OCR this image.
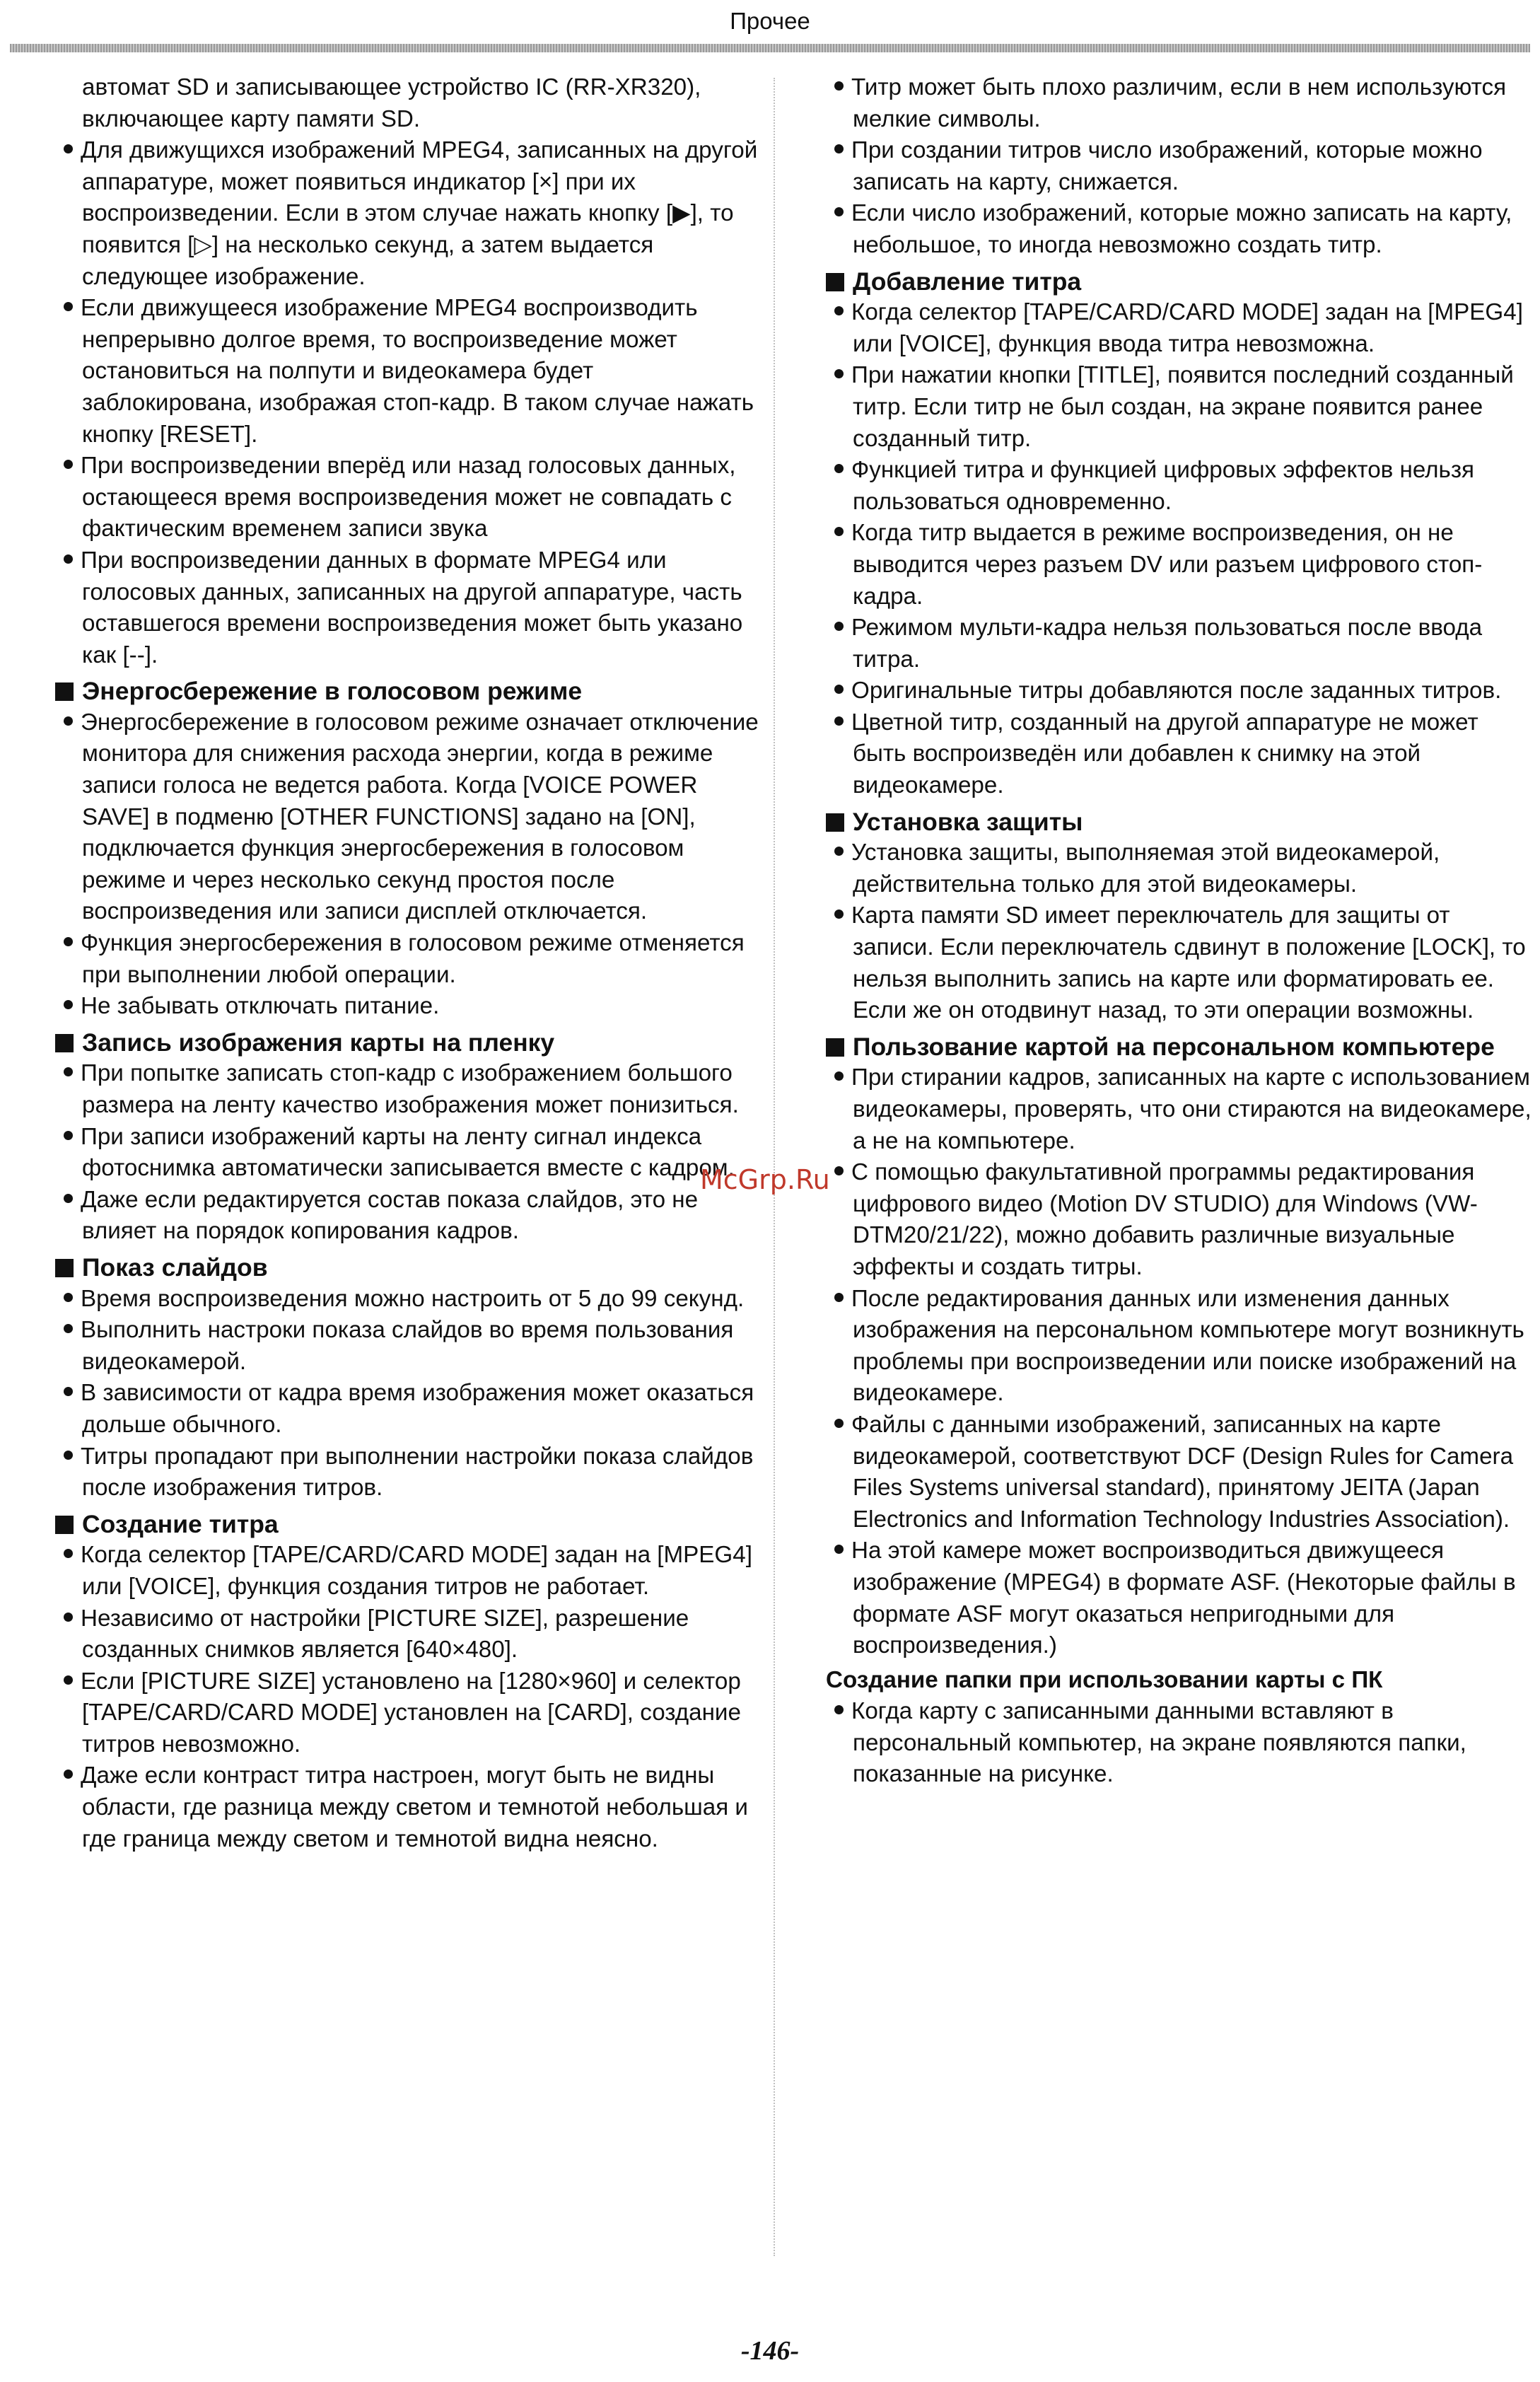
Прочее

автомат SD и записывающее устройство IC (RR-XR320), включающее карту памяти SD.

Для движущихся изображений MPEG4, записанных на другой аппаратуре, может появиться индикатор [×] при их воспроизведении. Если в этом случае нажать кнопку [▶], то появится [▷] на несколько секунд, а затем выдается следующее изображение.

Если движущееся изображение MPEG4 воспроизводить непрерывно долгое время, то воспроизведение может остановиться на полпути и видеокамера будет заблокирована, изображая стоп-кадр. В таком случае нажать кнопку [RESET].

При воспроизведении вперёд или назад голосовых данных, остающееся время воспроизведения может не совпадать с фактическим временем записи звука

При воспроизведении данных в формате MPEG4 или голосовых данных, записанных на другой аппаратуре, часть оставшегося времени воспроизведения может быть указано как [--].

Энергосбережение в голосовом режиме

Энергосбережение в голосовом режиме означает отключение монитора для снижения расхода энергии, когда в режиме записи голоса не ведется работа. Когда [VOICE POWER SAVE] в подменю [OTHER FUNCTIONS] задано на [ON], подключается функция энергосбережения в голосовом режиме и через несколько секунд простоя после воспроизведения или записи дисплей отключается.

Функция энергосбережения в голосовом режиме отменяется при выполнении любой операции.

Не забывать отключать питание.

Запись изображения карты на пленку

При попытке записать стоп-кадр с изображением большого размера на ленту качество изображения может понизиться.

При записи изображений карты на ленту сигнал индекса фотоснимка автоматически записывается вместе с кадром.

Даже если редактируется состав показа слайдов, это не влияет на порядок копирования кадров.

Показ слайдов

Время воспроизведения можно настроить от 5 до 99 секунд.

Выполнить настроки показа слайдов во время пользования видеокамерой.

В зависимости от кадра время изображения может оказаться дольше обычного.

Титры пропадают при выполнении настройки показа слайдов после изображения титров.

Создание титра

Когда селектор [TAPE/CARD/CARD MODE] задан на [MPEG4] или [VOICE], функция создания титров не работает.

Независимо от настройки [PICTURE SIZE], разрешение созданных снимков является [640×480].

Если [PICTURE SIZE] установлено на [1280×960] и селектор [TAPE/CARD/CARD MODE] установлен на [CARD], создание титров невозможно.

Даже если контраст титра настроен, могут быть не видны области, где разница между светом и темнотой небольшая и где граница между светом и темнотой видна неясно.

Титр может быть плохо различим, если в нем используются мелкие символы.

При создании титров число изображений, которые можно записать на карту, снижается.

Если число изображений, которые можно записать на карту, небольшое, то иногда невозможно создать титр.

Добавление титра

Когда селектор [TAPE/CARD/CARD MODE] задан на [MPEG4] или [VOICE], функция ввода титра невозможна.

При нажатии кнопки [TITLE], появится последний созданный титр. Если титр не был создан, на экране появится ранее созданный титр.

Функцией титра и функцией цифровых эффектов нельзя пользоваться одновременно.

Когда титр выдается в режиме воспроизведения, он не выводится через разъем DV или разъем цифрового стоп-кадра.

Режимом мульти-кадра нельзя пользоваться после ввода титра.

Оригинальные титры добавляются после заданных титров.

Цветной титр, созданный на другой аппаратуре не может быть воспроизведён или добавлен к снимку на этой видеокамере.

Установка защиты

Установка защиты, выполняемая этой видеокамерой, действительна только для этой видеокамеры.

Карта памяти SD имеет переключатель для защиты от записи. Если переключатель сдвинут в положение [LOCK], то нельзя выполнить запись на карте или форматировать ее. Если же он отодвинут назад, то эти операции возможны.

Пользование картой на персональном компьютере

При стирании кадров, записанных на карте с использованием видеокамеры, проверять, что они стираются на видеокамере, а не на компьютере.

С помощью факультативной программы редактирования цифрового видео (Motion DV STUDIO) для Windows (VW-DTM20/21/22), можно добавить различные визуальные эффекты и создать титры.

После редактирования данных или изменения данных изображения на персональном компьютере могут возникнуть проблемы при воспроизведении или поиске изображений на видеокамере.

Файлы с данными изображений, записанных на карте видеокамерой, соответствуют DCF (Design Rules for Camera Files Systems universal standard), принятому JEITA (Japan Electronics and Information Technology Industries Association).

На этой камере может воспроизводиться движущееся изображение (MPEG4) в формате ASF. (Некоторые файлы в формате ASF могут оказаться непригодными для воспроизведения.)

Создание папки при использовании карты с ПК

Когда карту с записанными данными вставляют в персональный компьютер, на экране появляются папки, показанные на рисунке.

McGrp.Ru
-146-
